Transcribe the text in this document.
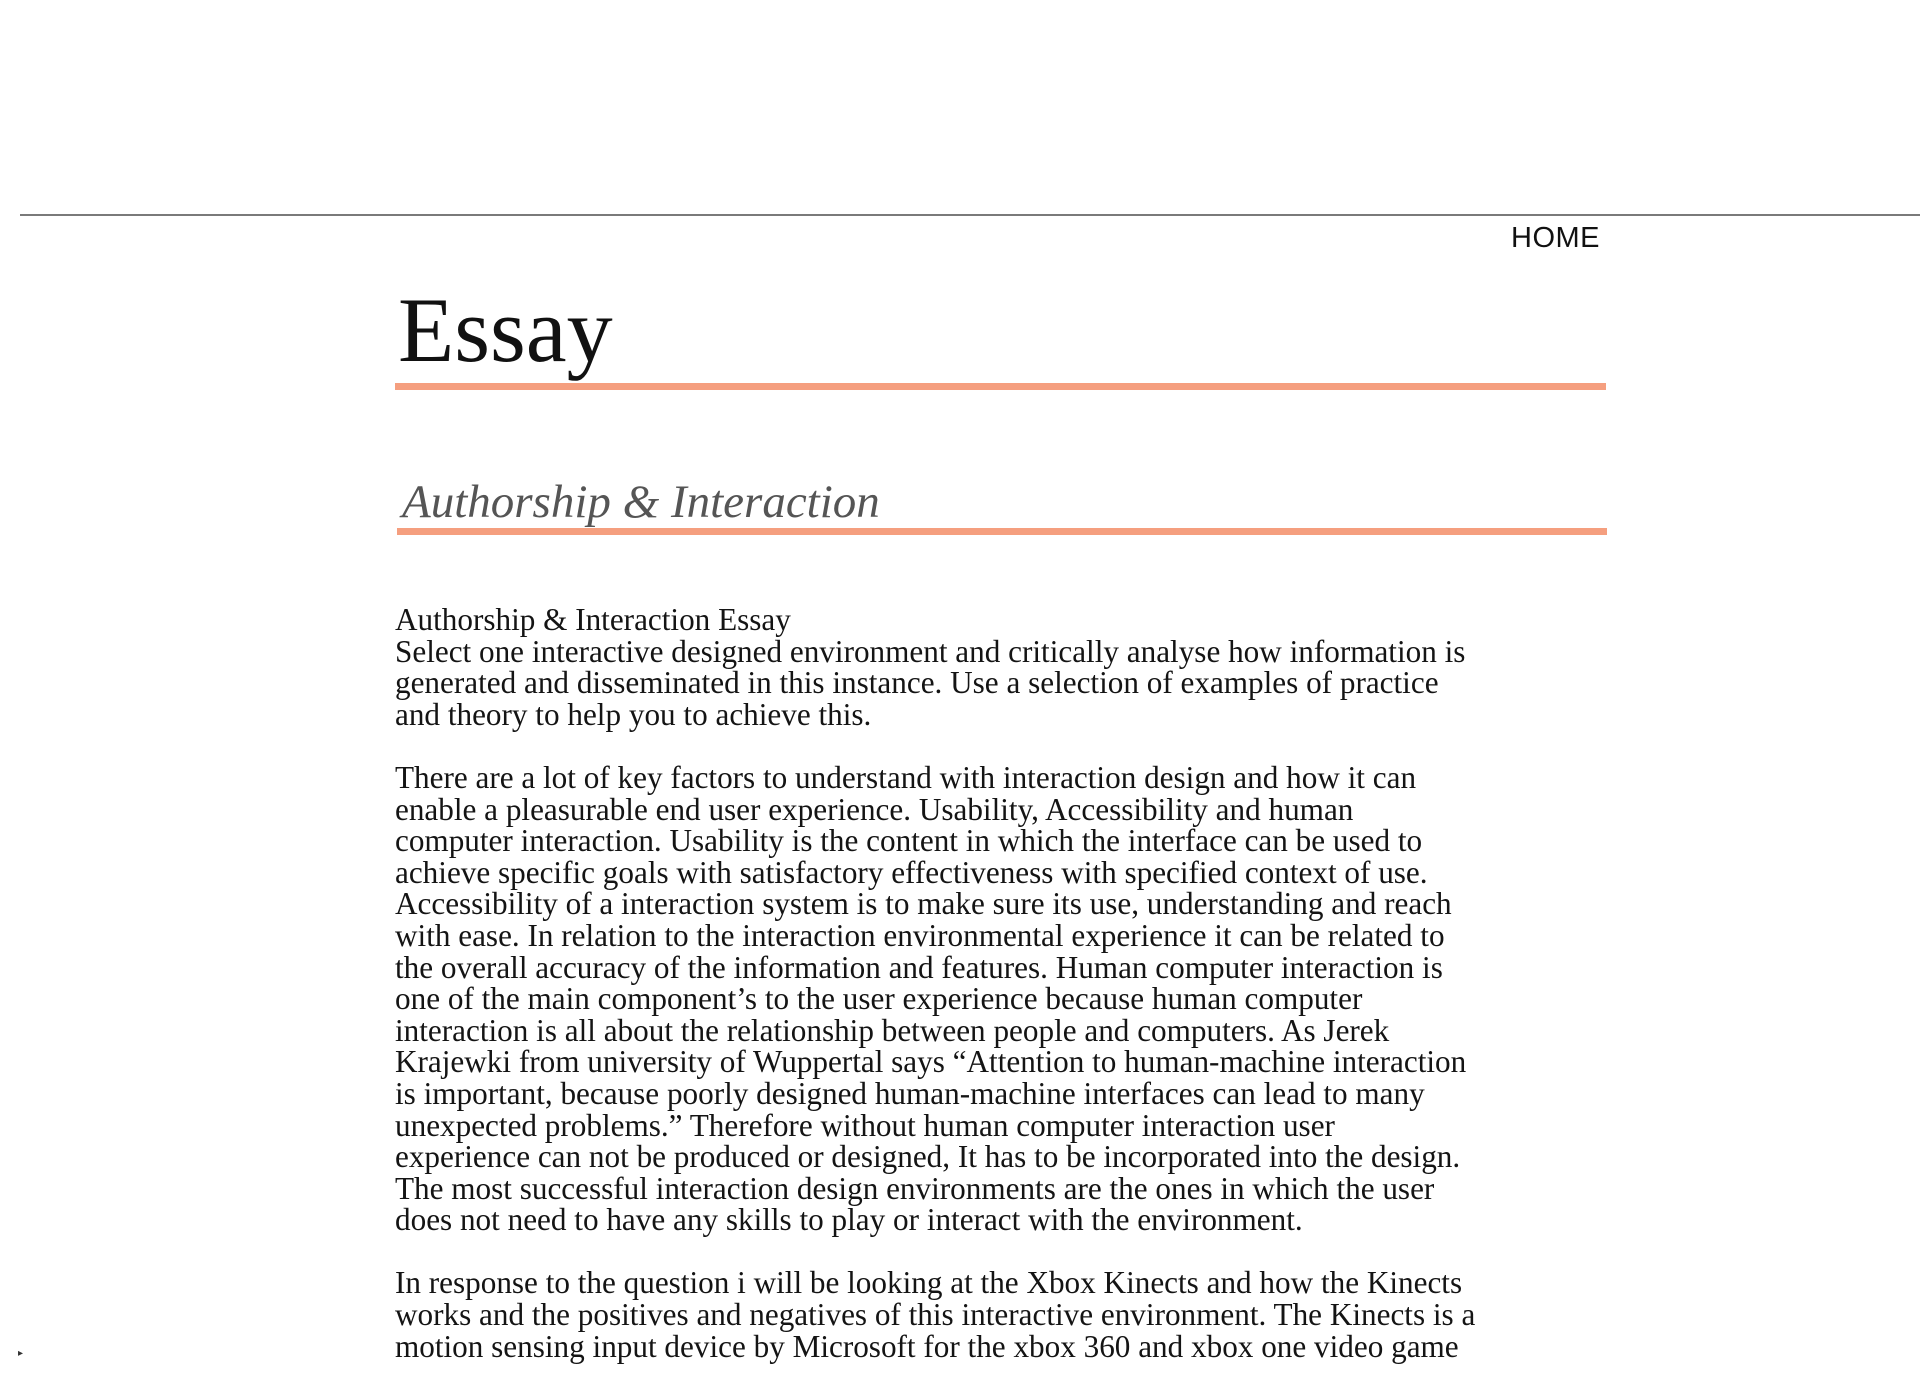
HOME
Essay
Authorship & Interaction

Authorship & Interaction Essay
Select one interactive designed environment and critically analyse how information is
generated and disseminated in this instance. Use a selection of examples of practice
and theory to help you to achieve this.

There are a lot of key factors to understand with interaction design and how it can
enable a pleasurable end user experience. Usability, Accessibility and human
computer interaction. Usability is the content in which the interface can be used to
achieve specific goals with satisfactory effectiveness with specified context of use.
Accessibility of a interaction system is to make sure its use, understanding and reach
with ease. In relation to the interaction environmental experience it can be related to
the overall accuracy of the information and features. Human computer interaction is
one of the main component’s to the user experience because human computer
interaction is all about the relationship between people and computers. As Jerek
Krajewki from university of Wuppertal says “Attention to human-machine interaction
is important, because poorly designed human-machine interfaces can lead to many
unexpected problems.” Therefore without human computer interaction user
experience can not be produced or designed, It has to be incorporated into the design.
The most successful interaction design environments are the ones in which the user
does not need to have any skills to play or interact with the environment.

In response to the question i will be looking at the Xbox Kinects and how the Kinects
works and the positives and negatives of this interactive environment. The Kinects is a
motion sensing input device by Microsoft for the xbox 360 and xbox one video game

▸
